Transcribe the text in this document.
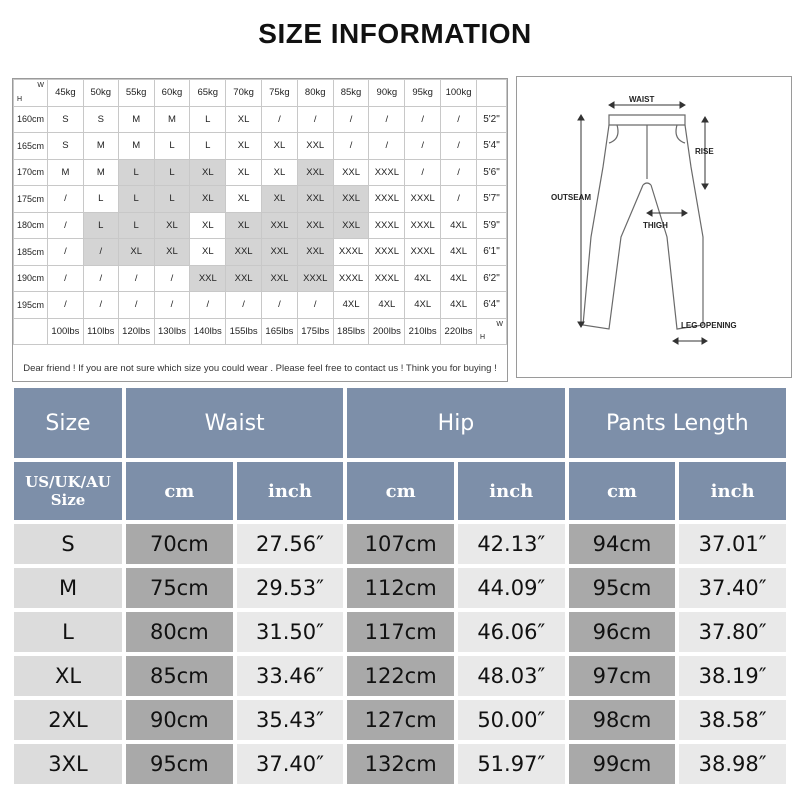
SIZE INFORMATION
H
W	45kg	50kg	55kg	60kg	65kg	70kg	75kg	80kg	85kg	90kg	95kg	100kg	
160cm	S	S	M	M	L	XL	/	/	/	/	/	/	5'2"
165cm	S	M	M	L	L	XL	XL	XXL	/	/	/	/	5'4"
170cm	M	M	L	L	XL	XL	XL	XXL	XXL	XXXL	/	/	5'6"
175cm	/	L	L	L	XL	XL	XL	XXL	XXL	XXXL	XXXL	/	5'7"
180cm	/	L	L	XL	XL	XL	XXL	XXL	XXL	XXXL	XXXL	4XL	5'9"
185cm	/	/	XL	XL	XL	XXL	XXL	XXL	XXXL	XXXL	XXXL	4XL	6'1"
190cm	/	/	/	/	XXL	XXL	XXL	XXXL	XXXL	XXXL	4XL	4XL	6'2"
195cm	/	/	/	/	/	/	/	/	4XL	4XL	4XL	4XL	6'4"
	100lbs	110lbs	120lbs	130lbs	140lbs	155lbs	165lbs	175lbs	185lbs	200lbs	210lbs	220lbs	H
W
Dear friend ! If you are not sure which size you could wear . Please feel free to contact us ! Think you for buying !
WAIST
RISE
OUTSEAM
THIGH
LEG OPENING
Size	Waist		Hip		Pants Length	

US/UK/AU
Size	cm	inch	cm	inch	cm	inch
S	70cm	27.56″	107cm	42.13″	94cm	37.01″
M	75cm	29.53″	112cm	44.09″	95cm	37.40″
L	80cm	31.50″	117cm	46.06″	96cm	37.80″
XL	85cm	33.46″	122cm	48.03″	97cm	38.19″
2XL	90cm	35.43″	127cm	50.00″	98cm	38.58″
3XL	95cm	37.40″	132cm	51.97″	99cm	38.98″
